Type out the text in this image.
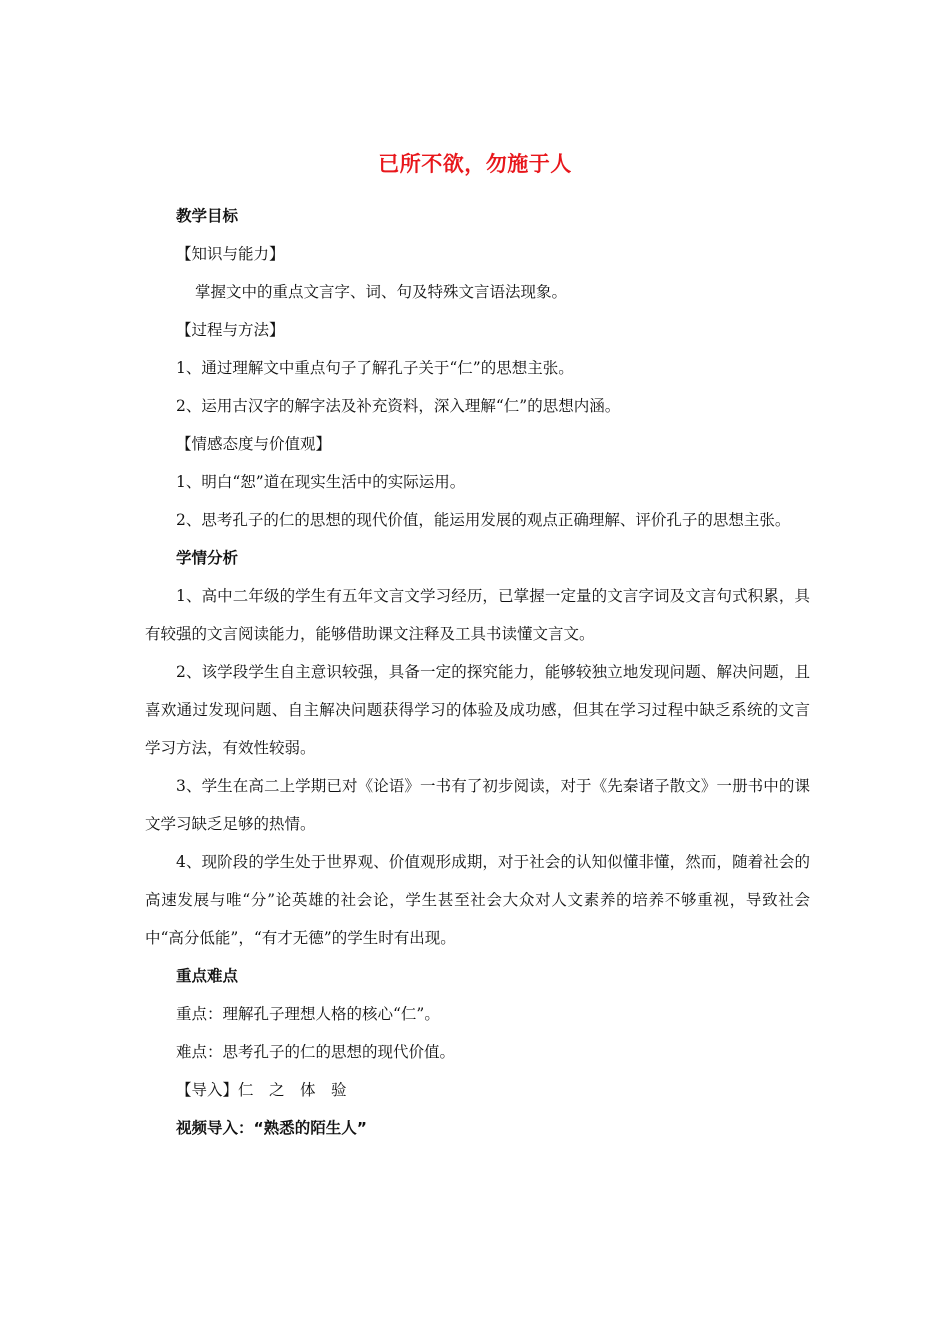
已所不欲，勿施于人

教学目标

【知识与能力】

掌握文中的重点文言字、词、句及特殊文言语法现象。

【过程与方法】

1、通过理解文中重点句子了解孔子关于“仁”的思想主张。

2、运用古汉字的解字法及补充资料，深入理解“仁”的思想内涵。

【情感态度与价值观】

1、明白“恕”道在现实生活中的实际运用。

2、思考孔子的仁的思想的现代价值，能运用发展的观点正确理解、评价孔子的思想主张。

学情分析

1、高中二年级的学生有五年文言文学习经历，已掌握一定量的文言字词及文言句式积累，具有较强的文言阅读能力，能够借助课文注释及工具书读懂文言文。

2、该学段学生自主意识较强，具备一定的探究能力，能够较独立地发现问题、解决问题，且喜欢通过发现问题、自主解决问题获得学习的体验及成功感，但其在学习过程中缺乏系统的文言学习方法，有效性较弱。

3、学生在高二上学期已对《论语》一书有了初步阅读，对于《先秦诸子散文》一册书中的课文学习缺乏足够的热情。

4、现阶段的学生处于世界观、价值观形成期，对于社会的认知似懂非懂，然而，随着社会的高速发展与唯“分”论英雄的社会论，学生甚至社会大众对人文素养的培养不够重视，导致社会中“高分低能”，“有才无德”的学生时有出现。

重点难点

重点：理解孔子理想人格的核心“仁”。

难点：思考孔子的仁的思想的现代价值。

【导入】仁　之　体　验

视频导入：“熟悉的陌生人”
